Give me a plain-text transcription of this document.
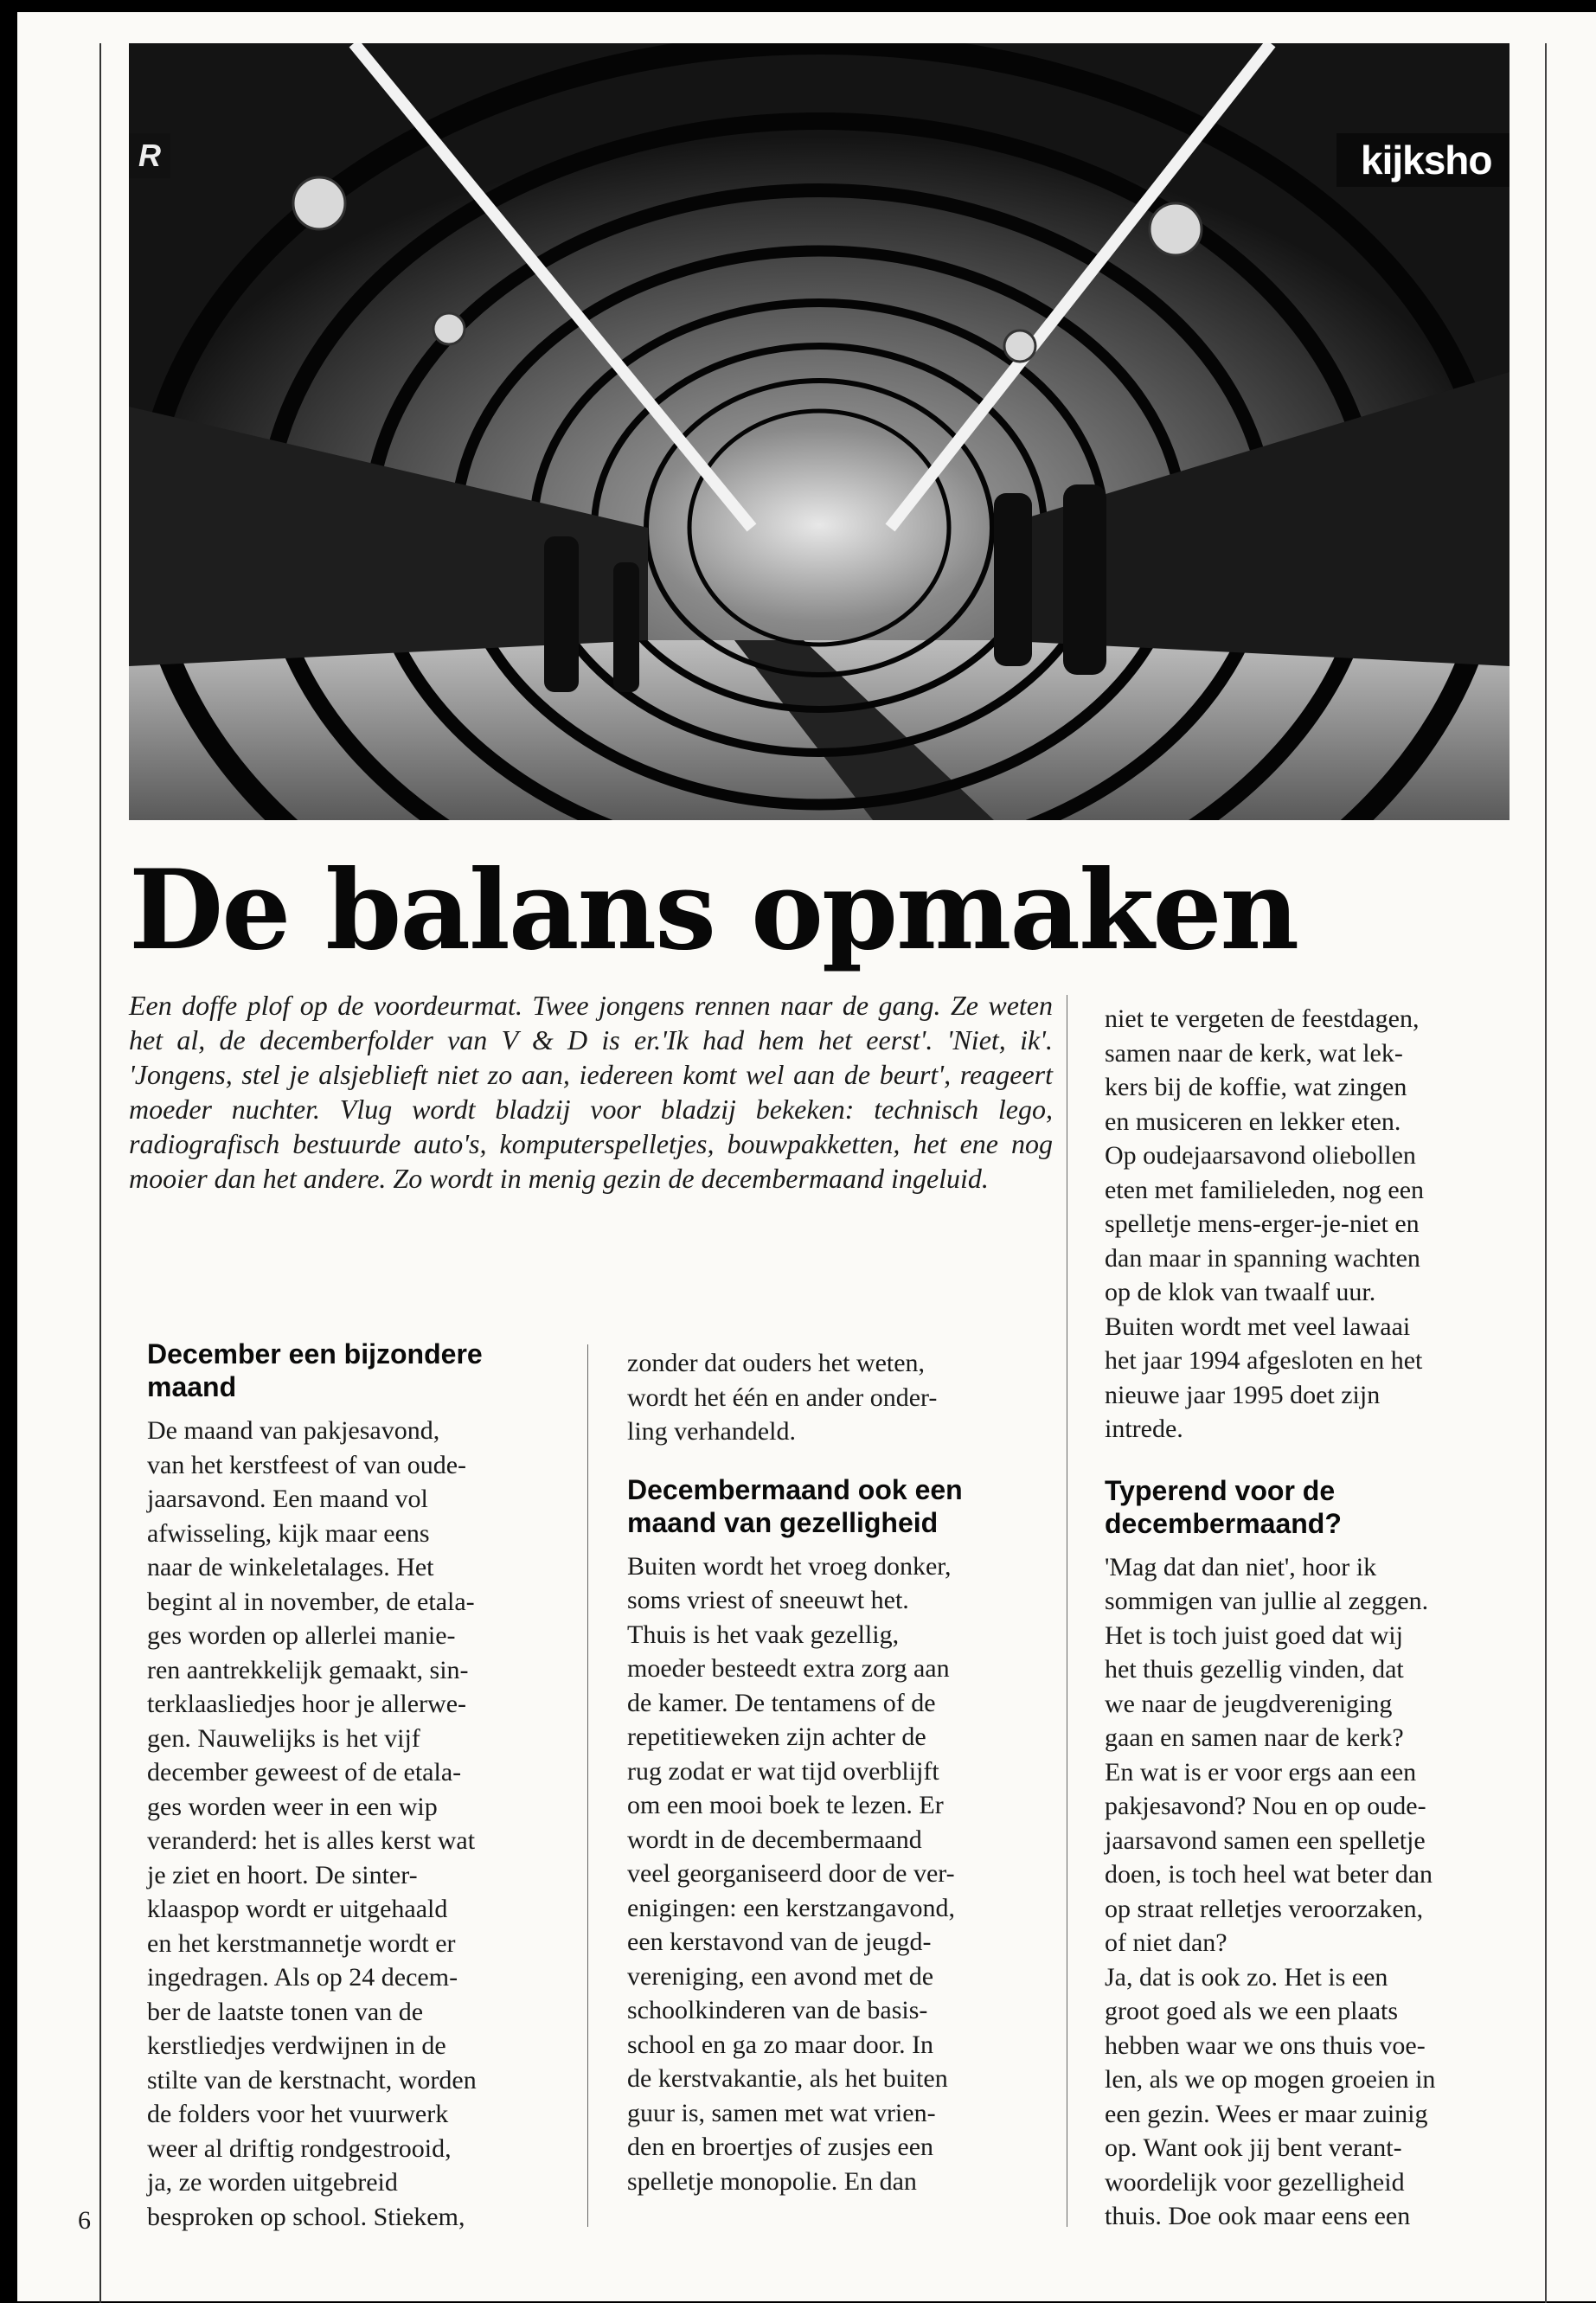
kijksho
R
De balans opmaken

Een doffe plof op de voordeurmat. Twee jongens rennen naar de gang. Ze weten het al, de decemberfolder van V & D is er.'Ik had hem het eerst'. 'Niet, ik'. 'Jongens, stel je alsjeblieft niet zo aan, iedereen komt wel aan de beurt', reageert moeder nuchter. Vlug wordt bladzij voor bladzij bekeken: technisch lego, radiografisch bestuurde auto's, komputerspelletjes, bouwpakketten, het ene nog mooier dan het andere. Zo wordt in menig gezin de decembermaand ingeluid.

December een bijzondere maand

De maand van pakjesavond,
van het kerstfeest of van oude-
jaarsavond. Een maand vol
afwisseling, kijk maar eens
naar de winkeletalages. Het
begint al in november, de etala-
ges worden op allerlei manie-
ren aantrekkelijk gemaakt, sin-
terklaasliedjes hoor je allerwe-
gen. Nauwelijks is het vijf
december geweest of de etala-
ges worden weer in een wip
veranderd: het is alles kerst wat
je ziet en hoort. De sinter-
klaaspop wordt er uitgehaald
en het kerstmannetje wordt er
ingedragen. Als op 24 decem-
ber de laatste tonen van de
kerstliedjes verdwijnen in de
stilte van de kerstnacht, worden
de folders voor het vuurwerk
weer al driftig rondgestrooid,
ja, ze worden uitgebreid
besproken op school. Stiekem,

zonder dat ouders het weten,
wordt het één en ander onder-
ling verhandeld.

Decembermaand ook een maand van gezelligheid

Buiten wordt het vroeg donker,
soms vriest of sneeuwt het.
Thuis is het vaak gezellig,
moeder besteedt extra zorg aan
de kamer. De tentamens of de
repetitieweken zijn achter de
rug zodat er wat tijd overblijft
om een mooi boek te lezen. Er
wordt in de decembermaand
veel georganiseerd door de ver-
enigingen: een kerstzangavond,
een kerstavond van de jeugd-
vereniging, een avond met de
schoolkinderen van de basis-
school en ga zo maar door. In
de kerstvakantie, als het buiten
guur is, samen met wat vrien-
den en broertjes of zusjes een
spelletje monopolie. En dan

niet te vergeten de feestdagen,
samen naar de kerk, wat lek-
kers bij de koffie, wat zingen
en musiceren en lekker eten.
Op oudejaarsavond oliebollen
eten met familieleden, nog een
spelletje mens-erger-je-niet en
dan maar in spanning wachten
op de klok van twaalf uur.
Buiten wordt met veel lawaai
het jaar 1994 afgesloten en het
nieuwe jaar 1995 doet zijn
intrede.

Typerend voor de decembermaand?

'Mag dat dan niet', hoor ik
sommigen van jullie al zeggen.
Het is toch juist goed dat wij
het thuis gezellig vinden, dat
we naar de jeugdvereniging
gaan en samen naar de kerk?
En wat is er voor ergs aan een
pakjesavond? Nou en op oude-
jaarsavond samen een spelletje
doen, is toch heel wat beter dan
op straat relletjes veroorzaken,
of niet dan?
Ja, dat is ook zo. Het is een
groot goed als we een plaats
hebben waar we ons thuis voe-
len, als we op mogen groeien in
een gezin. Wees er maar zuinig
op. Want ook jij bent verant-
woordelijk voor gezelligheid
thuis. Doe ook maar eens een

6
